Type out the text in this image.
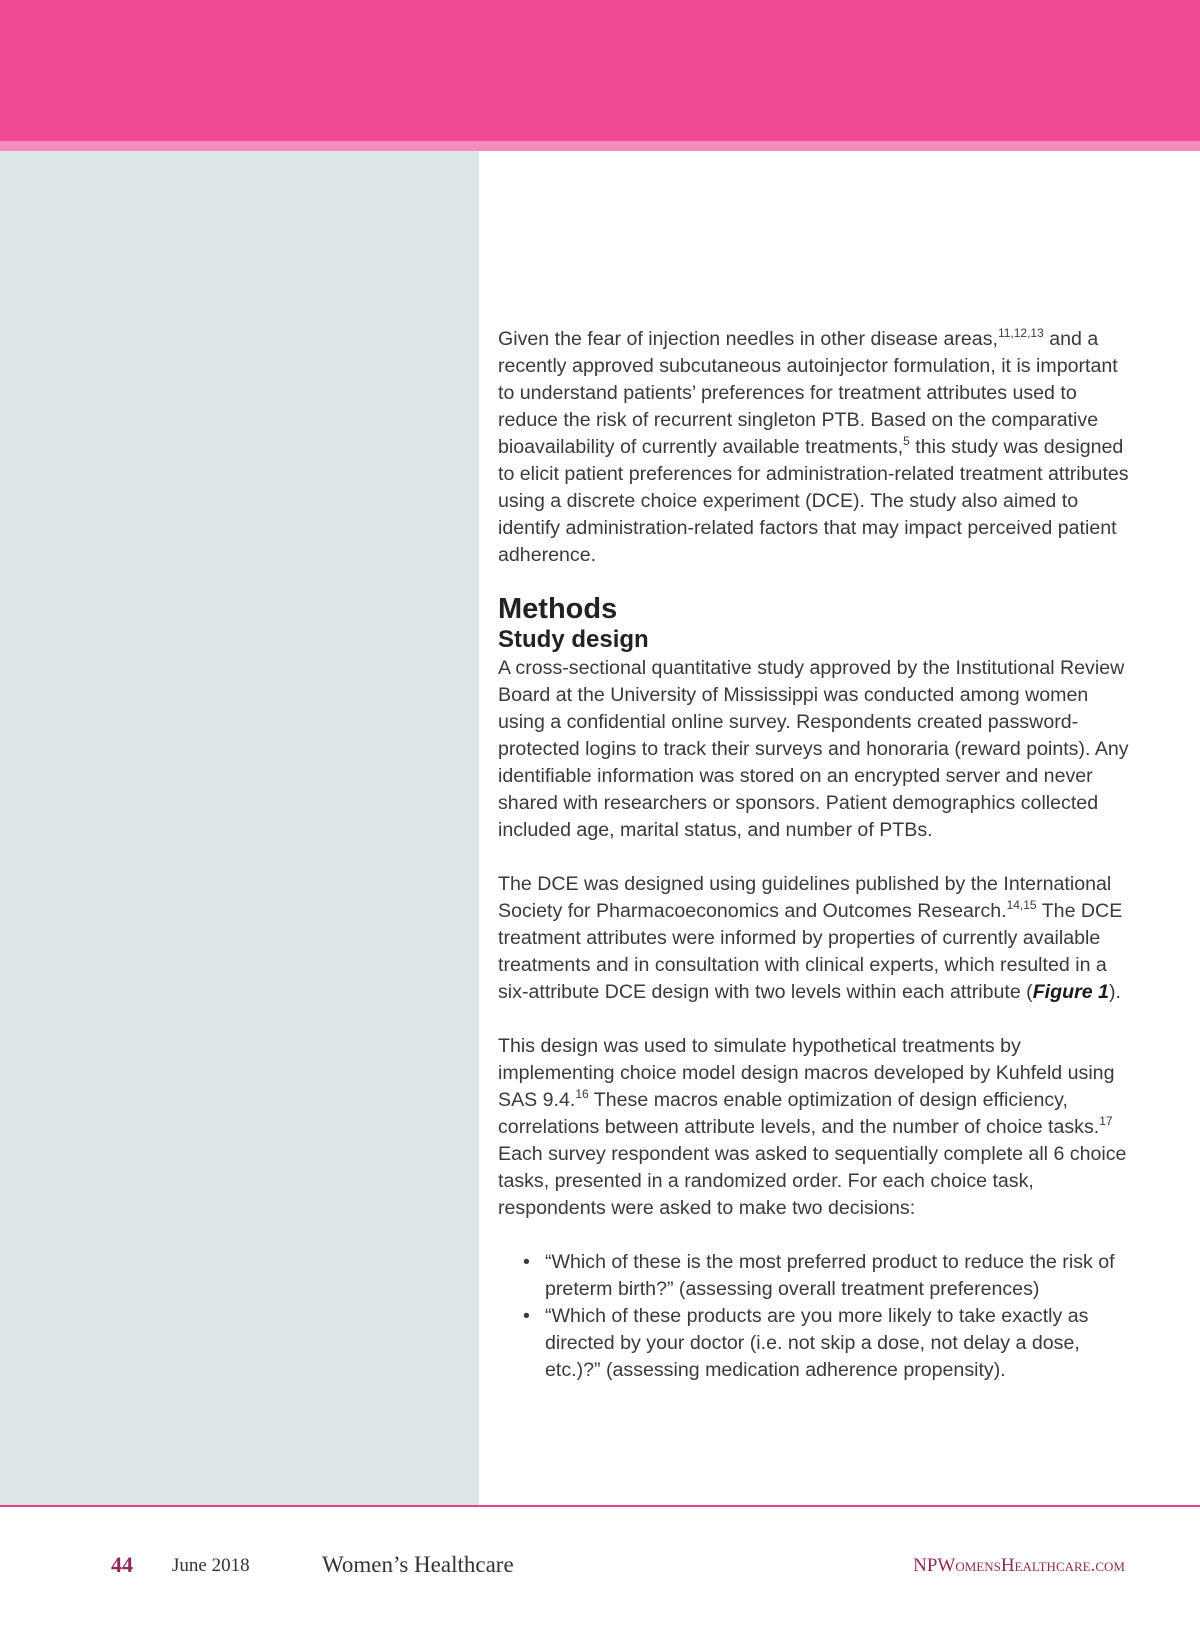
Given the fear of injection needles in other disease areas,$^{11,12,13}$ and a recently approved subcutaneous autoinjector formulation, it is important to understand patients’ preferences for treatment attributes used to reduce the risk of recurrent singleton PTB. Based on the comparative bioavailability of currently available treatments,$^5$ this study was designed to elicit patient preferences for administration-related treatment attributes using a discrete choice experiment (DCE). The study also aimed to identify administration-related factors that may impact perceived patient adherence.

Methods
Study design

A cross-sectional quantitative study approved by the Institutional Review Board at the University of Mississippi was conducted among women using a confidential online survey. Respondents created password-protected logins to track their surveys and honoraria (reward points). Any identifiable information was stored on an encrypted server and never shared with researchers or sponsors. Patient demographics collected included age, marital status, and number of PTBs.

The DCE was designed using guidelines published by the International Society for Pharmacoeconomics and Outcomes Research.$^{14,15}$ The DCE treatment attributes were informed by properties of currently available treatments and in consultation with clinical experts, which resulted in a six-attribute DCE design with two levels within each attribute (Figure 1).

This design was used to simulate hypothetical treatments by implementing choice model design macros developed by Kuhfeld using SAS 9.4.16 These macros enable optimization of design efficiency, correlations between attribute levels, and the number of choice tasks.$^{17}$ Each survey respondent was asked to sequentially complete all 6 choice tasks, presented in a randomized order. For each choice task, respondents were asked to make two decisions:

• “Which of these is the most preferred product to reduce the risk of preterm birth?” (assessing overall treatment preferences)
• “Which of these products are you more likely to take exactly as directed by your doctor (i.e. not skip a dose, not delay a dose, etc.)?” (assessing medication adherence propensity).
44 June 2018	Women’s Healthcare	NPWomensHealthcare.com
